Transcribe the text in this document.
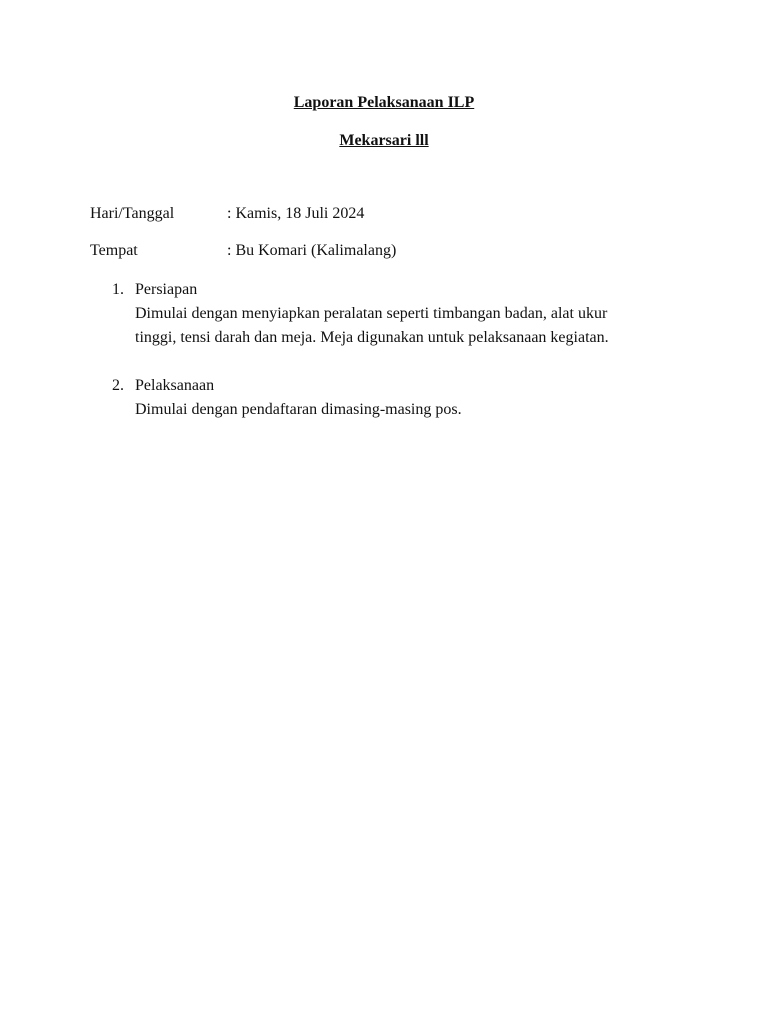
Laporan Pelaksanaan ILP

Mekarsari lll

Hari/Tanggal	: Kamis, 18 Juli 2024
Tempat	: Bu Komari (Kalimalang)
1. Persiapan
Dimulai dengan menyiapkan peralatan seperti timbangan badan, alat ukur
tinggi, tensi darah dan meja. Meja digunakan untuk pelaksanaan kegiatan.
2. Pelaksanaan
Dimulai dengan pendaftaran dimasing-masing pos.
